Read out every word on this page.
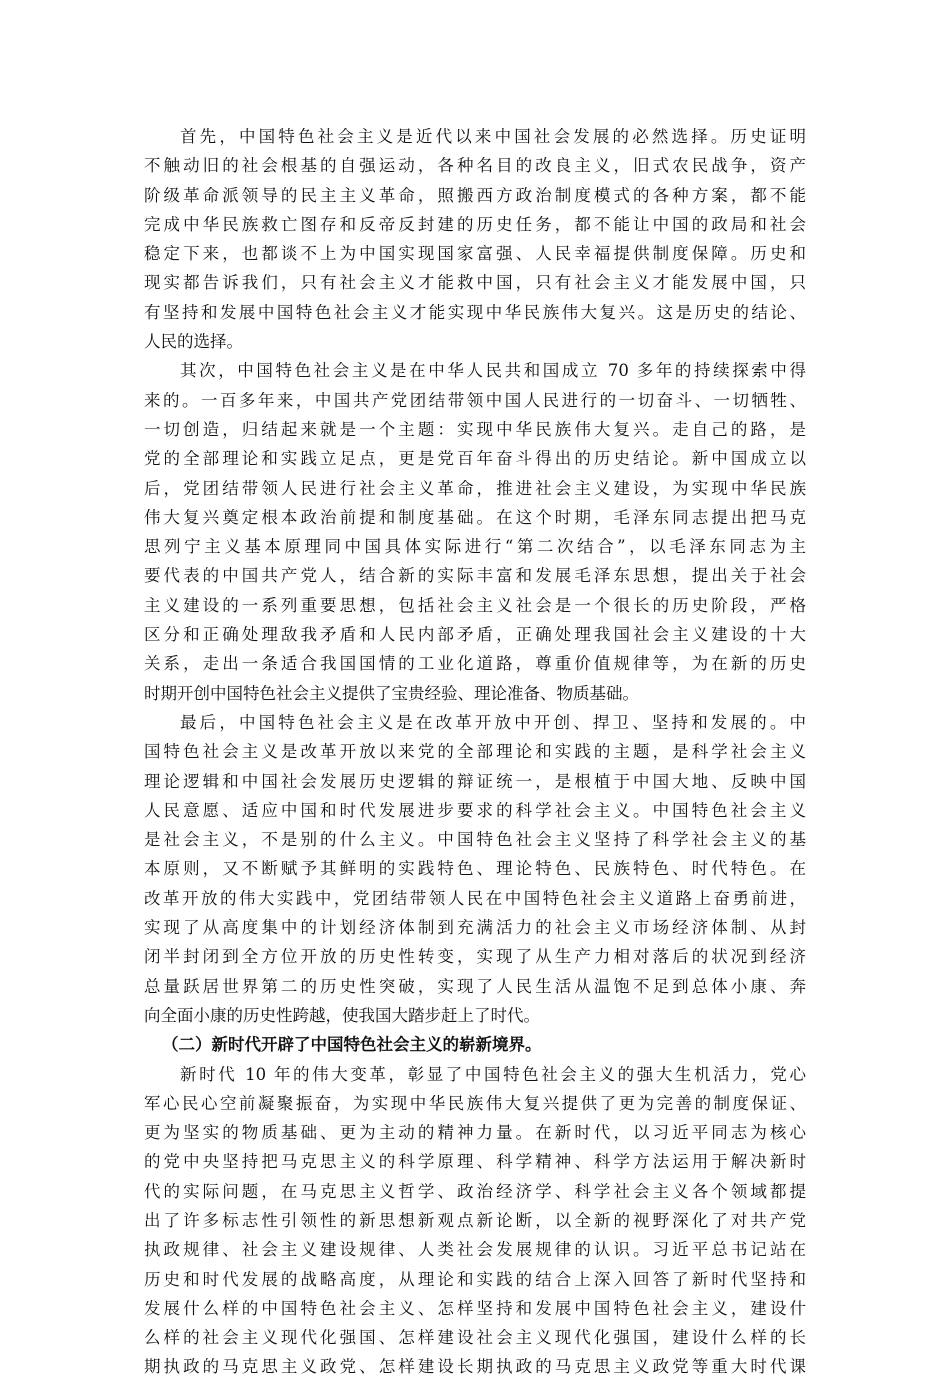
首先，中国特色社会主义是近代以来中国社会发展的必然选择。历史证明
不触动旧的社会根基的自强运动，各种名目的改良主义，旧式农民战争，资产
阶级革命派领导的民主主义革命，照搬西方政治制度模式的各种方案，都不能
完成中华民族救亡图存和反帝反封建的历史任务，都不能让中国的政局和社会
稳定下来，也都谈不上为中国实现国家富强、人民幸福提供制度保障。历史和
现实都告诉我们，只有社会主义才能救中国，只有社会主义才能发展中国，只
有坚持和发展中国特色社会主义才能实现中华民族伟大复兴。这是历史的结论、
人民的选择。
其次，中国特色社会主义是在中华人民共和国成立 70 多年的持续探索中得
来的。一百多年来，中国共产党团结带领中国人民进行的一切奋斗、一切牺牲、
一切创造，归结起来就是一个主题：实现中华民族伟大复兴。走自己的路，是
党的全部理论和实践立足点，更是党百年奋斗得出的历史结论。新中国成立以
后，党团结带领人民进行社会主义革命，推进社会主义建设，为实现中华民族
伟大复兴奠定根本政治前提和制度基础。在这个时期，毛泽东同志提出把马克
思列宁主义基本原理同中国具体实际进行“第二次结合”，以毛泽东同志为主
要代表的中国共产党人，结合新的实际丰富和发展毛泽东思想，提出关于社会
主义建设的一系列重要思想，包括社会主义社会是一个很长的历史阶段，严格
区分和正确处理敌我矛盾和人民内部矛盾，正确处理我国社会主义建设的十大
关系，走出一条适合我国国情的工业化道路，尊重价值规律等，为在新的历史
时期开创中国特色社会主义提供了宝贵经验、理论准备、物质基础。
最后，中国特色社会主义是在改革开放中开创、捍卫、坚持和发展的。中
国特色社会主义是改革开放以来党的全部理论和实践的主题，是科学社会主义
理论逻辑和中国社会发展历史逻辑的辩证统一，是根植于中国大地、反映中国
人民意愿、适应中国和时代发展进步要求的科学社会主义。中国特色社会主义
是社会主义，不是别的什么主义。中国特色社会主义坚持了科学社会主义的基
本原则，又不断赋予其鲜明的实践特色、理论特色、民族特色、时代特色。在
改革开放的伟大实践中，党团结带领人民在中国特色社会主义道路上奋勇前进，
实现了从高度集中的计划经济体制到充满活力的社会主义市场经济体制、从封
闭半封闭到全方位开放的历史性转变，实现了从生产力相对落后的状况到经济
总量跃居世界第二的历史性突破，实现了人民生活从温饱不足到总体小康、奔
向全面小康的历史性跨越，使我国大踏步赶上了时代。
（二）新时代开辟了中国特色社会主义的崭新境界。
新时代 10 年的伟大变革，彰显了中国特色社会主义的强大生机活力，党心
军心民心空前凝聚振奋，为实现中华民族伟大复兴提供了更为完善的制度保证、
更为坚实的物质基础、更为主动的精神力量。在新时代，以习近平同志为核心
的党中央坚持把马克思主义的科学原理、科学精神、科学方法运用于解决新时
代的实际问题，在马克思主义哲学、政治经济学、科学社会主义各个领域都提
出了许多标志性引领性的新思想新观点新论断，以全新的视野深化了对共产党
执政规律、社会主义建设规律、人类社会发展规律的认识。习近平总书记站在
历史和时代发展的战略高度，从理论和实践的结合上深入回答了新时代坚持和
发展什么样的中国特色社会主义、怎样坚持和发展中国特色社会主义，建设什
么样的社会主义现代化强国、怎样建设社会主义现代化强国，建设什么样的长
期执政的马克思主义政党、怎样建设长期执政的马克思主义政党等重大时代课
